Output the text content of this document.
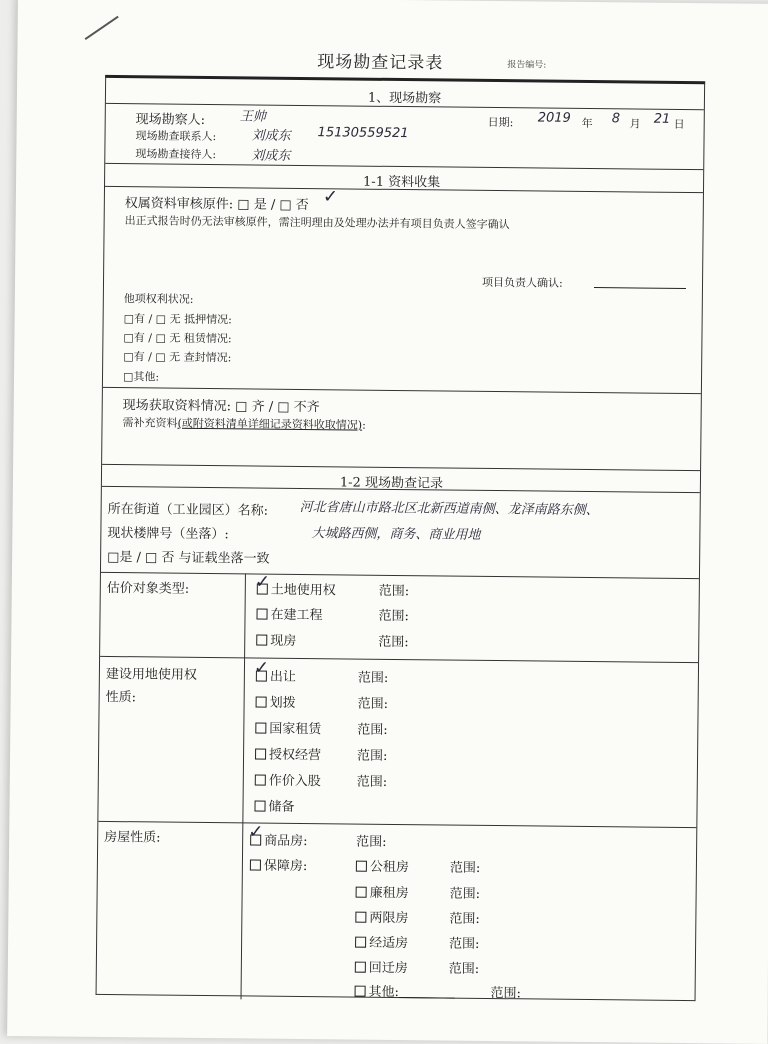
现场勘查记录表	报告编号:
1、现场勘察
现场勘察人:	王帅	日期: 2019 年 8 月 21 日
现场勘查联系人:	刘成东 15130559521
现场勘查接待人:	刘成东
1-1 资料收集
权属资料审核原件: □ 是 / □ 否 ✓
出正式报告时仍无法审核原件，需注明理由及处理办法并有项目负责人签字确认
项目负责人确认:
他项权利状况:
□有 / □ 无 抵押情况:
□有 / □ 无 租赁情况:
□有 / □ 无 查封情况:
□其他:
现场获取资料情况: □ 齐 / □ 不齐
需补充资料(或附资料清单详细记录资料收取情况):
1-2 现场勘查记录
所在街道（工业园区）名称: 河北省唐山市路北区北新西道南侧、龙泽南路东侧、
现状楼牌号（坐落）:	大城路西侧，商务、商业用地
□是 / □ 否 与证载坐落一致
估价对象类型:	✓ 土地使用权	范围:
在建工程	范围:
现房	范围:
建设用地使用权
性质:
✓ 出让	范围:
划拨	范围:
国家租赁	范围:
授权经营	范围:
作价入股	范围:
储备
房屋性质:	✓ 商品房:	范围:
保障房:	公租房	范围:
廉租房	范围:
两限房	范围:
经适房	范围:
回迁房	范围:
其他:	范围:
